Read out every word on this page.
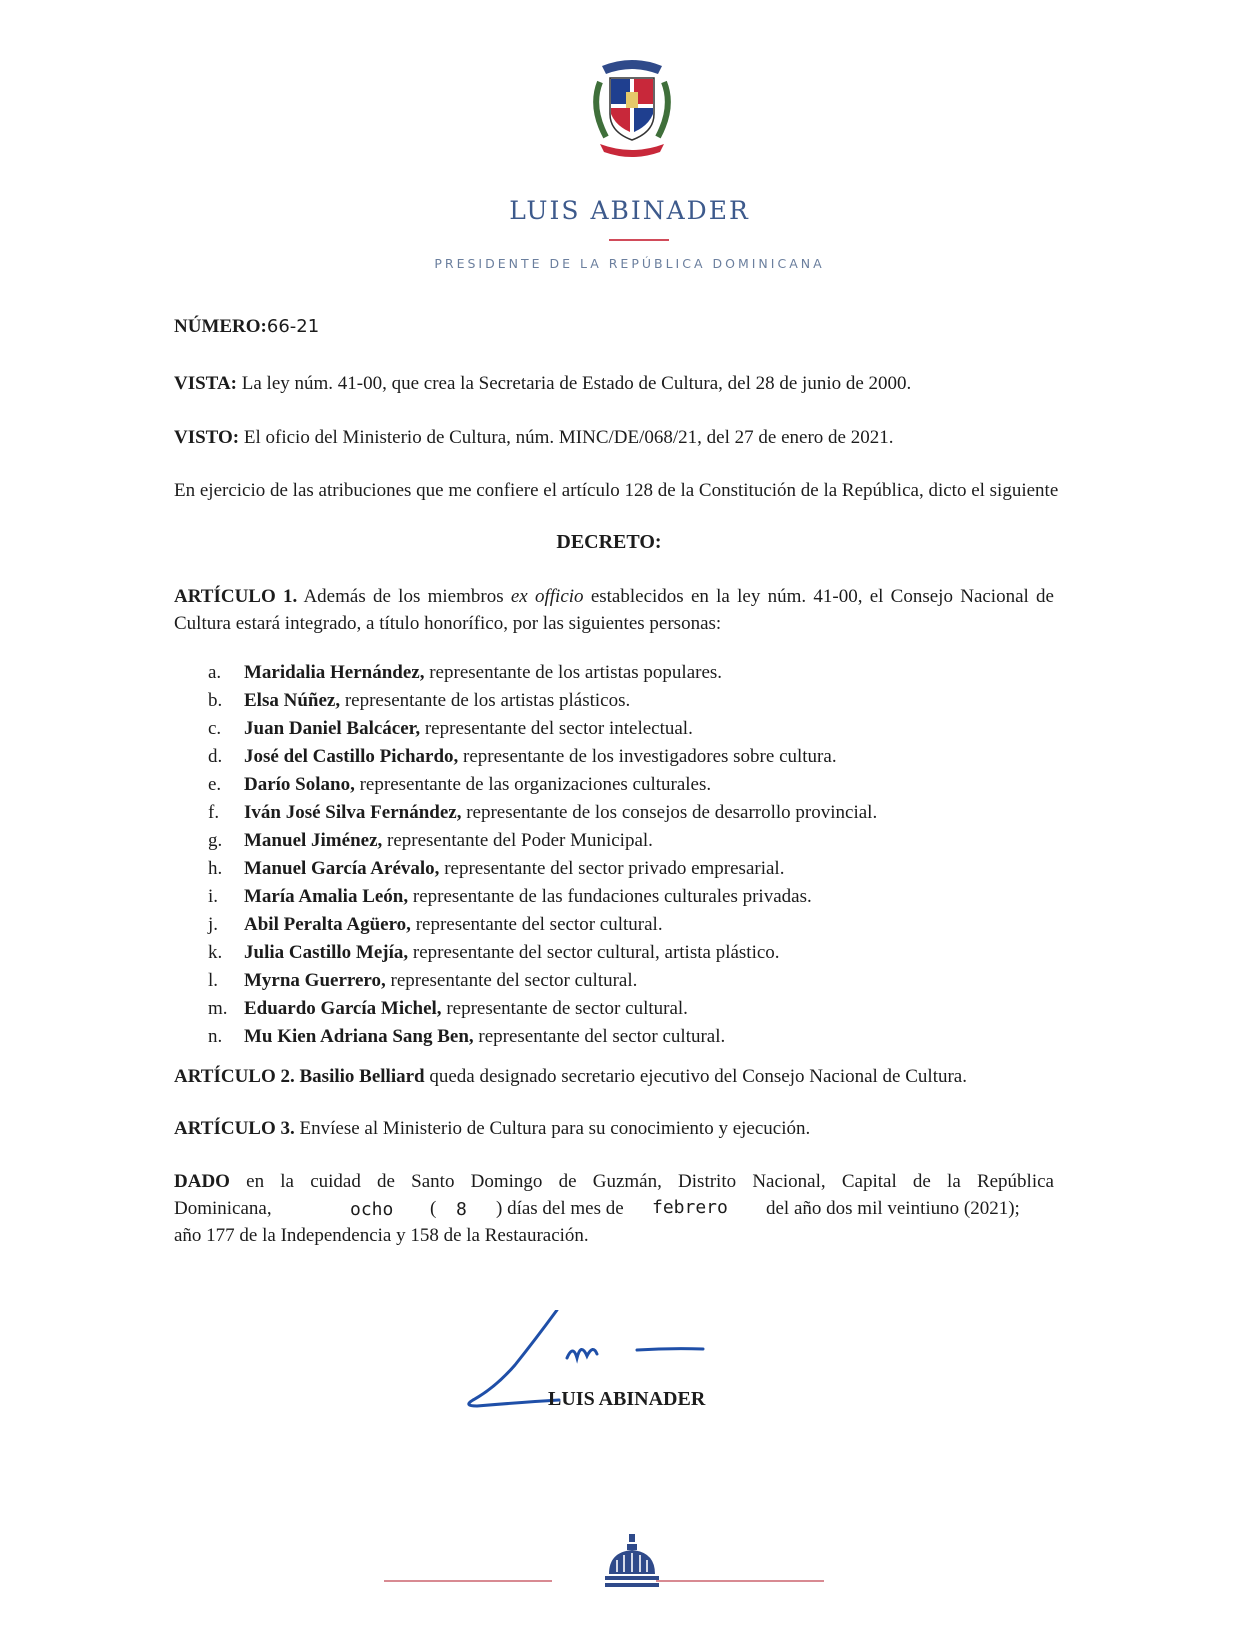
LUIS ABINADER
PRESIDENTE DE LA REPÚBLICA DOMINICANA
NÚMERO:66-21
VISTA: La ley núm. 41-00, que crea la Secretaria de Estado de Cultura, del 28 de junio de 2000.
VISTO: El oficio del Ministerio de Cultura, núm. MINC/DE/068/21, del 27 de enero de 2021.
En ejercicio de las atribuciones que me confiere el artículo 128 de la Constitución de la República, dicto el siguiente
DECRETO:
ARTÍCULO 1. Además de los miembros ex officio establecidos en la ley núm. 41-00, el Consejo Nacional de Cultura estará integrado, a título honorífico, por las siguientes personas:
a.	Maridalia Hernández, representante de los artistas populares.
b.	Elsa Núñez, representante de los artistas plásticos.
c.	Juan Daniel Balcácer, representante del sector intelectual.
d.	José del Castillo Pichardo, representante de los investigadores sobre cultura.
e.	Darío Solano, representante de las organizaciones culturales.
f.	Iván José Silva Fernández, representante de los consejos de desarrollo provincial.
g.	Manuel Jiménez, representante del Poder Municipal.
h.	Manuel García Arévalo, representante del sector privado empresarial.
i.	María Amalia León, representante de las fundaciones culturales privadas.
j.	Abil Peralta Agüero, representante del sector cultural.
k.	Julia Castillo Mejía, representante del sector cultural, artista plástico.
l.	Myrna Guerrero, representante del sector cultural.
m. Eduardo García Michel, representante de sector cultural.
n.	Mu Kien Adriana Sang Ben, representante del sector cultural.
ARTÍCULO 2. Basilio Belliard queda designado secretario ejecutivo del Consejo Nacional de Cultura.
ARTÍCULO 3. Envíese al Ministerio de Cultura para su conocimiento y ejecución.
DADO en la cuidad de Santo Domingo de Guzmán, Distrito Nacional, Capital de la República
Dominicana,	ocho ( 8 ) días del mes de febrero del año dos mil veintiuno (2021);
año 177 de la Independencia y 158 de la Restauración.
LUIS ABINADER
